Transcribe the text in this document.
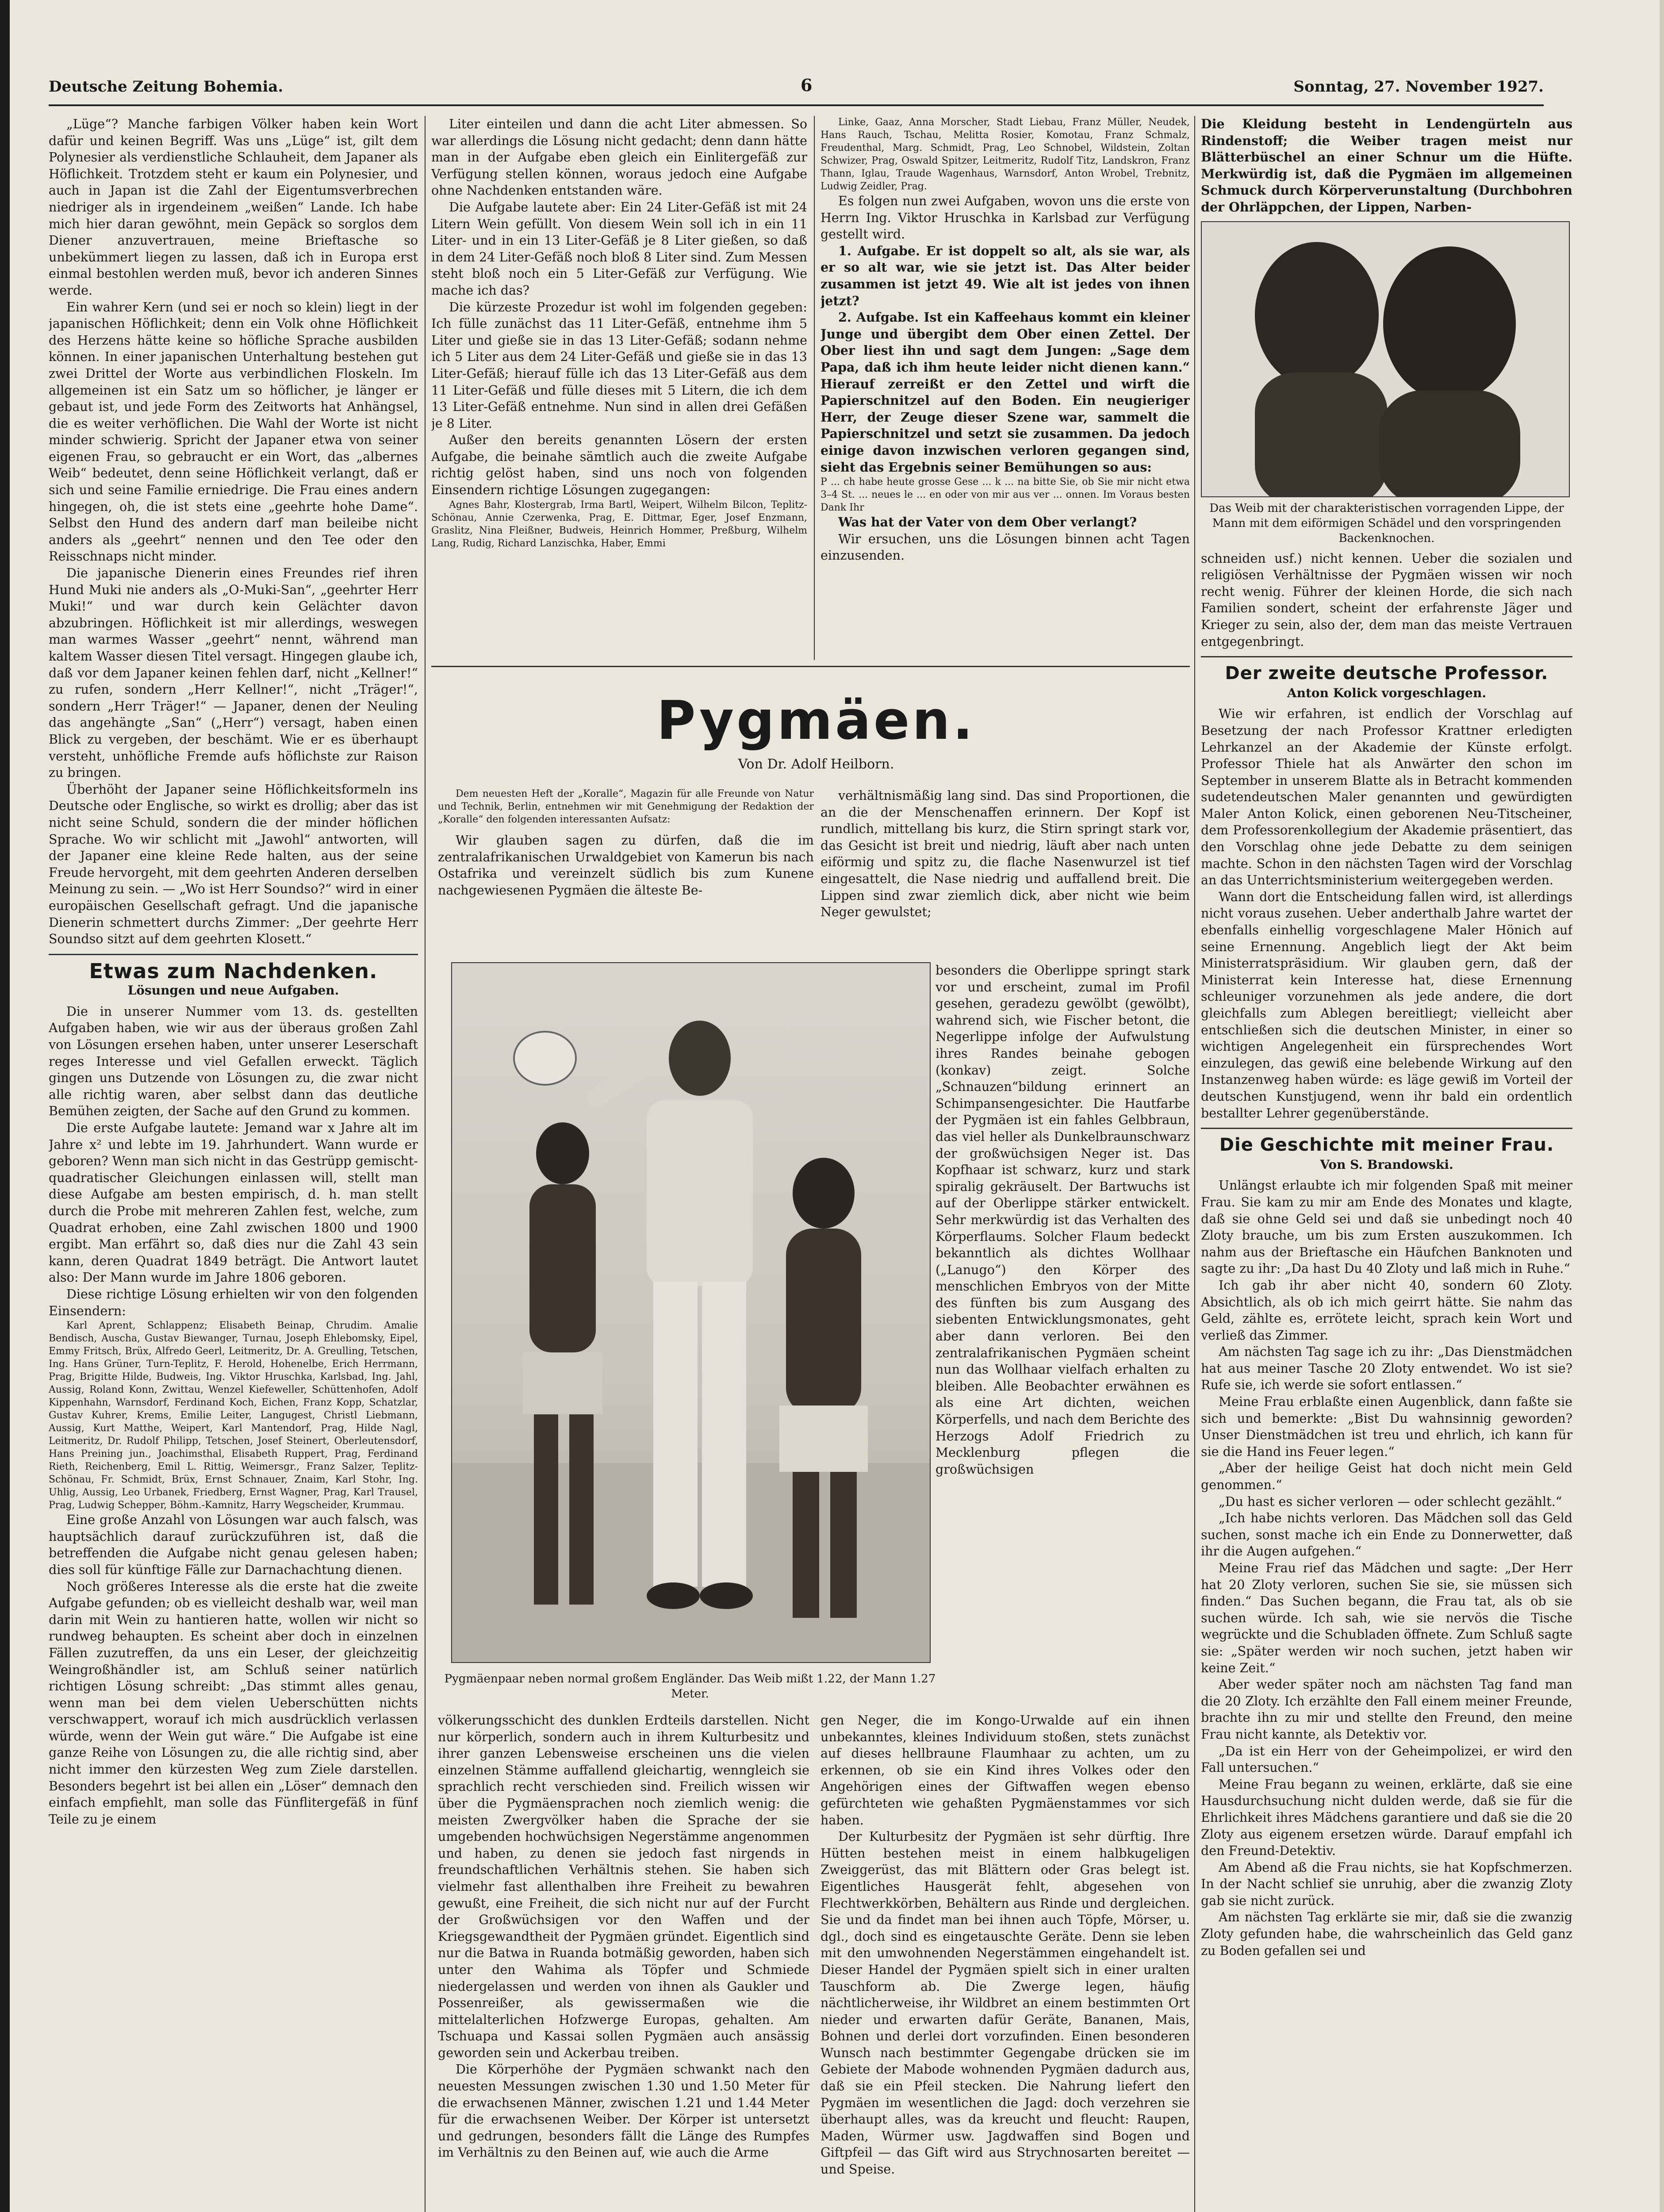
Deutsche Zeitung Bohemia.	6	Sonntag, 27. November 1927.

„Lüge“? Manche farbigen Völker haben kein Wort dafür und keinen Begriff. Was uns „Lüge“ ist, gilt dem Polynesier als verdienstliche Schlauheit, dem Japaner als Höflichkeit. Trotzdem steht er kaum ein Polynesier, und auch in Japan ist die Zahl der Eigentumsverbrechen niedriger als in irgendeinem „weißen“ Lande. Ich habe mich hier daran gewöhnt, mein Gepäck so sorglos dem Diener anzuvertrauen, meine Brieftasche so unbekümmert liegen zu lassen, daß ich in Europa erst einmal bestohlen werden muß, bevor ich anderen Sinnes werde.

Ein wahrer Kern (und sei er noch so klein) liegt in der japanischen Höflichkeit; denn ein Volk ohne Höflichkeit des Herzens hätte keine so höfliche Sprache ausbilden können. In einer japanischen Unterhaltung bestehen gut zwei Drittel der Worte aus verbindlichen Floskeln. Im allgemeinen ist ein Satz um so höflicher, je länger er gebaut ist, und jede Form des Zeitworts hat Anhängsel, die es weiter verhöflichen. Die Wahl der Worte ist nicht minder schwierig. Spricht der Japaner etwa von seiner eigenen Frau, so gebraucht er ein Wort, das „albernes Weib“ bedeutet, denn seine Höflichkeit verlangt, daß er sich und seine Familie erniedrige. Die Frau eines andern hingegen, oh, die ist stets eine „geehrte hohe Dame“. Selbst den Hund des andern darf man beileibe nicht anders als „geehrt“ nennen und den Tee oder den Reisschnaps nicht minder.

Die japanische Dienerin eines Freundes rief ihren Hund Muki nie anders als „O-Muki-San“, „geehrter Herr Muki!“ und war durch kein Gelächter davon abzubringen. Höflichkeit ist mir allerdings, weswegen man warmes Wasser „geehrt“ nennt, während man kaltem Wasser diesen Titel versagt. Hingegen glaube ich, daß vor dem Japaner keinen fehlen darf, nicht „Kellner!“ zu rufen, sondern „Herr Kellner!“, nicht „Träger!“, sondern „Herr Träger!“ — Japaner, denen der Neuling das angehängte „San“ („Herr“) versagt, haben einen Blick zu vergeben, der beschämt. Wie er es überhaupt versteht, unhöfliche Fremde aufs höflichste zur Raison zu bringen.

Überhöht der Japaner seine Höflichkeitsformeln ins Deutsche oder Englische, so wirkt es drollig; aber das ist nicht seine Schuld, sondern die der minder höflichen Sprache. Wo wir schlicht mit „Jawohl“ antworten, will der Japaner eine kleine Rede halten, aus der seine Freude hervorgeht, mit dem geehrten Anderen derselben Meinung zu sein. — „Wo ist Herr Soundso?“ wird in einer europäischen Gesellschaft gefragt. Und die japanische Dienerin schmettert durchs Zimmer: „Der geehrte Herr Soundso sitzt auf dem geehrten Klosett.“

Etwas zum Nachdenken.
Lösungen und neue Aufgaben.

Die in unserer Nummer vom 13. ds. gestellten Aufgaben haben, wie wir aus der überaus großen Zahl von Lösungen ersehen haben, unter unserer Leserschaft reges Interesse und viel Gefallen erweckt. Täglich gingen uns Dutzende von Lösungen zu, die zwar nicht alle richtig waren, aber selbst dann das deutliche Bemühen zeigten, der Sache auf den Grund zu kommen.

Die erste Aufgabe lautete: Jemand war x Jahre alt im Jahre x² und lebte im 19. Jahrhundert. Wann wurde er geboren? Wenn man sich nicht in das Gestrüpp gemischt-quadratischer Gleichungen einlassen will, stellt man diese Aufgabe am besten empirisch, d. h. man stellt durch die Probe mit mehreren Zahlen fest, welche, zum Quadrat erhoben, eine Zahl zwischen 1800 und 1900 ergibt. Man erfährt so, daß dies nur die Zahl 43 sein kann, deren Quadrat 1849 beträgt. Die Antwort lautet also: Der Mann wurde im Jahre 1806 geboren.

Diese richtige Lösung erhielten wir von den folgenden Einsendern:

Karl Aprent, Schlappenz; Elisabeth Beinap, Chrudim. Amalie Bendisch, Auscha, Gustav Biewanger, Turnau, Joseph Ehlebomsky, Eipel, Emmy Fritsch, Brüx, Alfredo Geerl, Leitmeritz, Dr. A. Greulling, Tetschen, Ing. Hans Grüner, Turn-Teplitz, F. Herold, Hohenelbe, Erich Herrmann, Prag, Brigitte Hilde, Budweis, Ing. Viktor Hruschka, Karlsbad, Ing. Jahl, Aussig, Roland Konn, Zwittau, Wenzel Kiefeweller, Schüttenhofen, Adolf Kippenhahn, Warnsdorf, Ferdinand Koch, Eichen, Franz Kopp, Schatzlar, Gustav Kuhrer, Krems, Emilie Leiter, Langugest, Christl Liebmann, Aussig, Kurt Matthe, Weipert, Karl Mantendorf, Prag, Hilde Nagl, Leitmeritz, Dr. Rudolf Philipp, Tetschen, Josef Steinert, Oberleutensdorf, Hans Preining jun., Joachimsthal, Elisabeth Ruppert, Prag, Ferdinand Rieth, Reichenberg, Emil L. Rittig, Weimersgr., Franz Salzer, Teplitz-Schönau, Fr. Schmidt, Brüx, Ernst Schnauer, Znaim, Karl Stohr, Ing. Uhlig, Aussig, Leo Urbanek, Friedberg, Ernst Wagner, Prag, Karl Trausel, Prag, Ludwig Schepper, Böhm.-Kamnitz, Harry Wegscheider, Krummau.

Eine große Anzahl von Lösungen war auch falsch, was hauptsächlich darauf zurückzuführen ist, daß die betreffenden die Aufgabe nicht genau gelesen haben; dies soll für künftige Fälle zur Darnachachtung dienen.

Noch größeres Interesse als die erste hat die zweite Aufgabe gefunden; ob es vielleicht deshalb war, weil man darin mit Wein zu hantieren hatte, wollen wir nicht so rundweg behaupten. Es scheint aber doch in einzelnen Fällen zuzutreffen, da uns ein Leser, der gleichzeitig Weingroßhändler ist, am Schluß seiner natürlich richtigen Lösung schreibt: „Das stimmt alles genau, wenn man bei dem vielen Ueberschütten nichts verschwappert, worauf ich mich ausdrücklich verlassen würde, wenn der Wein gut wäre.“ Die Aufgabe ist eine ganze Reihe von Lösungen zu, die alle richtig sind, aber nicht immer den kürzesten Weg zum Ziele darstellen. Besonders begehrt ist bei allen ein „Löser“ demnach den einfach empfiehlt, man solle das Fünflitergefäß in fünf Teile zu je einem

Liter einteilen und dann die acht Liter abmessen. So war allerdings die Lösung nicht gedacht; denn dann hätte man in der Aufgabe eben gleich ein Einlitergefäß zur Verfügung stellen können, woraus jedoch eine Aufgabe ohne Nachdenken entstanden wäre.

Die Aufgabe lautete aber: Ein 24 Liter-Gefäß ist mit 24 Litern Wein gefüllt. Von diesem Wein soll ich in ein 11 Liter- und in ein 13 Liter-Gefäß je 8 Liter gießen, so daß in dem 24 Liter-Gefäß noch bloß 8 Liter sind. Zum Messen steht bloß noch ein 5 Liter-Gefäß zur Verfügung. Wie mache ich das?

Die kürzeste Prozedur ist wohl im folgenden gegeben: Ich fülle zunächst das 11 Liter-Gefäß, entnehme ihm 5 Liter und gieße sie in das 13 Liter-Gefäß; sodann nehme ich 5 Liter aus dem 24 Liter-Gefäß und gieße sie in das 13 Liter-Gefäß; hierauf fülle ich das 13 Liter-Gefäß aus dem 11 Liter-Gefäß und fülle dieses mit 5 Litern, die ich dem 13 Liter-Gefäß entnehme. Nun sind in allen drei Gefäßen je 8 Liter.

Außer den bereits genannten Lösern der ersten Aufgabe, die beinahe sämtlich auch die zweite Aufgabe richtig gelöst haben, sind uns noch von folgenden Einsendern richtige Lösungen zugegangen:

Agnes Bahr, Klostergrab, Irma Bartl, Weipert, Wilhelm Bilcon, Teplitz-Schönau, Annie Czerwenka, Prag, E. Dittmar, Eger, Josef Enzmann, Graslitz, Nina Fleißner, Budweis, Heinrich Hommer, Preßburg, Wilhelm Lang, Rudig, Richard Lanzischka, Haber, Emmi

Linke, Gaaz, Anna Morscher, Stadt Liebau, Franz Müller, Neudek, Hans Rauch, Tschau, Melitta Rosier, Komotau, Franz Schmalz, Freudenthal, Marg. Schmidt, Prag, Leo Schnobel, Wildstein, Zoltan Schwizer, Prag, Oswald Spitzer, Leitmeritz, Rudolf Titz, Landskron, Franz Thann, Iglau, Traude Wagenhaus, Warnsdorf, Anton Wrobel, Trebnitz, Ludwig Zeidler, Prag.

Es folgen nun zwei Aufgaben, wovon uns die erste von Herrn Ing. Viktor Hruschka in Karlsbad zur Verfügung gestellt wird.

1. Aufgabe. Er ist doppelt so alt, als sie war, als er so alt war, wie sie jetzt ist. Das Alter beider zusammen ist jetzt 49. Wie alt ist jedes von ihnen jetzt?

2. Aufgabe. Ist ein Kaffeehaus kommt ein kleiner Junge und übergibt dem Ober einen Zettel. Der Ober liest ihn und sagt dem Jungen: „Sage dem Papa, daß ich ihm heute leider nicht dienen kann.“ Hierauf zerreißt er den Zettel und wirft die Papierschnitzel auf den Boden. Ein neugieriger Herr, der Zeuge dieser Szene war, sammelt die Papierschnitzel und setzt sie zusammen. Da jedoch einige davon inzwischen verloren gegangen sind, sieht das Ergebnis seiner Bemühungen so aus:

P ... ch habe heute grosse Gese ... k ... na bitte Sie, ob Sie mir nicht etwa 3–4 St. ... neues le ... en oder von mir aus ver ... onnen. Im Voraus besten Dank Ihr

Was hat der Vater von dem Ober verlangt?

Wir ersuchen, uns die Lösungen binnen acht Tagen einzusenden.

Pygmäen.
Von Dr. Adolf Heilborn.

Dem neuesten Heft der „Koralle“, Magazin für alle Freunde von Natur und Technik, Berlin, entnehmen wir mit Genehmigung der Redaktion der „Koralle“ den folgenden interessanten Aufsatz:

Wir glauben sagen zu dürfen, daß die im zentralafrikanischen Urwaldgebiet von Kamerun bis nach Ostafrika und vereinzelt südlich bis zum Kunene nachgewiesenen Pygmäen die älteste Be-

Pygmäenpaar neben normal großem Engländer. Das Weib mißt 1.22, der Mann 1.27 Meter.

verhältnismäßig lang sind. Das sind Proportionen, die an die der Menschenaffen erinnern. Der Kopf ist rundlich, mittellang bis kurz, die Stirn springt stark vor, das Gesicht ist breit und niedrig, läuft aber nach unten eiförmig und spitz zu, die flache Nasenwurzel ist tief eingesattelt, die Nase niedrig und auffallend breit. Die Lippen sind zwar ziemlich dick, aber nicht wie beim Neger gewulstet;

besonders die Oberlippe springt stark vor und erscheint, zumal im Profil gesehen, geradezu gewölbt (gewölbt), wahrend sich, wie Fischer betont, die Negerlippe infolge der Aufwulstung ihres Randes beinahe gebogen (konkav) zeigt. Solche „Schnauzen“bildung erinnert an Schimpansengesichter. Die Hautfarbe der Pygmäen ist ein fahles Gelbbraun, das viel heller als Dunkelbraunschwarz der großwüchsigen Neger ist. Das Kopfhaar ist schwarz, kurz und stark spiralig gekräuselt. Der Bartwuchs ist auf der Oberlippe stärker entwickelt. Sehr merkwürdig ist das Verhalten des Körperflaums. Solcher Flaum bedeckt bekanntlich als dichtes Wollhaar („Lanugo“) den Körper des menschlichen Embryos von der Mitte des fünften bis zum Ausgang des siebenten Entwicklungsmonates, geht aber dann verloren. Bei den zentralafrikanischen Pygmäen scheint nun das Wollhaar vielfach erhalten zu bleiben. Alle Beobachter erwähnen es als eine Art dichten, weichen Körperfells, und nach dem Berichte des Herzogs Adolf Friedrich zu Mecklenburg pflegen die großwüchsigen

völkerungsschicht des dunklen Erdteils darstellen. Nicht nur körperlich, sondern auch in ihrem Kulturbesitz und ihrer ganzen Lebensweise erscheinen uns die vielen einzelnen Stämme auffallend gleichartig, wenngleich sie sprachlich recht verschieden sind. Freilich wissen wir über die Pygmäensprachen noch ziemlich wenig: die meisten Zwergvölker haben die Sprache der sie umgebenden hochwüchsigen Negerstämme angenommen und haben, zu denen sie jedoch fast nirgends in freundschaftlichen Verhältnis stehen. Sie haben sich vielmehr fast allenthalben ihre Freiheit zu bewahren gewußt, eine Freiheit, die sich nicht nur auf der Furcht der Großwüchsigen vor den Waffen und der Kriegsgewandtheit der Pygmäen gründet. Eigentlich sind nur die Batwa in Ruanda botmäßig geworden, haben sich unter den Wahima als Töpfer und Schmiede niedergelassen und werden von ihnen als Gaukler und Possenreißer, als gewissermaßen wie die mittelalterlichen Hofzwerge Europas, gehalten. Am Tschuapa und Kassai sollen Pygmäen auch ansässig geworden sein und Ackerbau treiben.

Die Körperhöhe der Pygmäen schwankt nach den neuesten Messungen zwischen 1.30 und 1.50 Meter für die erwachsenen Männer, zwischen 1.21 und 1.44 Meter für die erwachsenen Weiber. Der Körper ist untersetzt und gedrungen, besonders fällt die Länge des Rumpfes im Verhältnis zu den Beinen auf, wie auch die Arme

gen Neger, die im Kongo-Urwalde auf ein ihnen unbekanntes, kleines Individuum stoßen, stets zunächst auf dieses hellbraune Flaumhaar zu achten, um zu erkennen, ob sie ein Kind ihres Volkes oder den Angehörigen eines der Giftwaffen wegen ebenso gefürchteten wie gehaßten Pygmäenstammes vor sich haben.

Der Kulturbesitz der Pygmäen ist sehr dürftig. Ihre Hütten bestehen meist in einem halbkugeligen Zweiggerüst, das mit Blättern oder Gras belegt ist. Eigentliches Hausgerät fehlt, abgesehen von Flechtwerkkörben, Behältern aus Rinde und dergleichen. Sie und da findet man bei ihnen auch Töpfe, Mörser, u. dgl., doch sind es eingetauschte Geräte. Denn sie leben mit den umwohnenden Negerstämmen eingehandelt ist. Dieser Handel der Pygmäen spielt sich in einer uralten Tauschform ab. Die Zwerge legen, häufig nächtlicherweise, ihr Wildbret an einem bestimmten Ort nieder und erwarten dafür Geräte, Bananen, Mais, Bohnen und derlei dort vorzufinden. Einen besonderen Wunsch nach bestimmter Gegengabe drücken sie im Gebiete der Mabode wohnenden Pygmäen dadurch aus, daß sie ein Pfeil stecken. Die Nahrung liefert den Pygmäen im wesentlichen die Jagd: doch verzehren sie überhaupt alles, was da kreucht und fleucht: Raupen, Maden, Würmer usw. Jagdwaffen sind Bogen und Giftpfeil — das Gift wird aus Strychnosarten bereitet — und Speise.

Die Kleidung besteht in Lendengürteln aus Rindenstoff; die Weiber tragen meist nur Blätterbüschel an einer Schnur um die Hüfte. Merkwürdig ist, daß die Pygmäen im allgemeinen Schmuck durch Körperverunstaltung (Durchbohren der Ohrläppchen, der Lippen, Narben-

Das Weib mit der charakteristischen vorragenden Lippe, der Mann mit dem eiförmigen Schädel und den vorspringenden Backenknochen.

schneiden usf.) nicht kennen. Ueber die sozialen und religiösen Verhältnisse der Pygmäen wissen wir noch recht wenig. Führer der kleinen Horde, die sich nach Familien sondert, scheint der erfahrenste Jäger und Krieger zu sein, also der, dem man das meiste Vertrauen entgegenbringt.

Der zweite deutsche Professor.
Anton Kolick vorgeschlagen.

Wie wir erfahren, ist endlich der Vorschlag auf Besetzung der nach Professor Krattner erledigten Lehrkanzel an der Akademie der Künste erfolgt. Professor Thiele hat als Anwärter den schon im September in unserem Blatte als in Betracht kommenden sudetendeutschen Maler genannten und gewürdigten Maler Anton Kolick, einen geborenen Neu-Titscheiner, dem Professorenkollegium der Akademie präsentiert, das den Vorschlag ohne jede Debatte zu dem seinigen machte. Schon in den nächsten Tagen wird der Vorschlag an das Unterrichtsministerium weitergegeben werden.

Wann dort die Entscheidung fallen wird, ist allerdings nicht voraus zusehen. Ueber anderthalb Jahre wartet der ebenfalls einhellig vorgeschlagene Maler Hönich auf seine Ernennung. Angeblich liegt der Akt beim Ministerratspräsidium. Wir glauben gern, daß der Ministerrat kein Interesse hat, diese Ernennung schleuniger vorzunehmen als jede andere, die dort gleichfalls zum Ablegen bereitliegt; vielleicht aber entschließen sich die deutschen Minister, in einer so wichtigen Angelegenheit ein fürsprechendes Wort einzulegen, das gewiß eine belebende Wirkung auf den Instanzenweg haben würde: es läge gewiß im Vorteil der deutschen Kunstjugend, wenn ihr bald ein ordentlich bestallter Lehrer gegenüberstände.

Die Geschichte mit meiner Frau.
Von S. Brandowski.

Unlängst erlaubte ich mir folgenden Spaß mit meiner Frau. Sie kam zu mir am Ende des Monates und klagte, daß sie ohne Geld sei und daß sie unbedingt noch 40 Zloty brauche, um bis zum Ersten auszukommen. Ich nahm aus der Brieftasche ein Häufchen Banknoten und sagte zu ihr: „Da hast Du 40 Zloty und laß mich in Ruhe.“

Ich gab ihr aber nicht 40, sondern 60 Zloty. Absichtlich, als ob ich mich geirrt hätte. Sie nahm das Geld, zählte es, errötete leicht, sprach kein Wort und verließ das Zimmer.

Am nächsten Tag sage ich zu ihr: „Das Dienstmädchen hat aus meiner Tasche 20 Zloty entwendet. Wo ist sie? Rufe sie, ich werde sie sofort entlassen.“

Meine Frau erblaßte einen Augenblick, dann faßte sie sich und bemerkte: „Bist Du wahnsinnig geworden? Unser Dienstmädchen ist treu und ehrlich, ich kann für sie die Hand ins Feuer legen.“

„Aber der heilige Geist hat doch nicht mein Geld genommen.“

„Du hast es sicher verloren — oder schlecht gezählt.“

„Ich habe nichts verloren. Das Mädchen soll das Geld suchen, sonst mache ich ein Ende zu Donnerwetter, daß ihr die Augen aufgehen.“

Meine Frau rief das Mädchen und sagte: „Der Herr hat 20 Zloty verloren, suchen Sie sie, sie müssen sich finden.“ Das Suchen begann, die Frau tat, als ob sie suchen würde. Ich sah, wie sie nervös die Tische wegrückte und die Schubladen öffnete. Zum Schluß sagte sie: „Später werden wir noch suchen, jetzt haben wir keine Zeit.“

Aber weder später noch am nächsten Tag fand man die 20 Zloty. Ich erzählte den Fall einem meiner Freunde, brachte ihn zu mir und stellte den Freund, den meine Frau nicht kannte, als Detektiv vor.

„Da ist ein Herr von der Geheimpolizei, er wird den Fall untersuchen.“

Meine Frau begann zu weinen, erklärte, daß sie eine Hausdurchsuchung nicht dulden werde, daß sie für die Ehrlichkeit ihres Mädchens garantiere und daß sie die 20 Zloty aus eigenem ersetzen würde. Darauf empfahl ich den Freund-Detektiv.

Am Abend aß die Frau nichts, sie hat Kopfschmerzen. In der Nacht schlief sie unruhig, aber die zwanzig Zloty gab sie nicht zurück.

Am nächsten Tag erklärte sie mir, daß sie die zwanzig Zloty gefunden habe, die wahrscheinlich das Geld ganz zu Boden gefallen sei und
